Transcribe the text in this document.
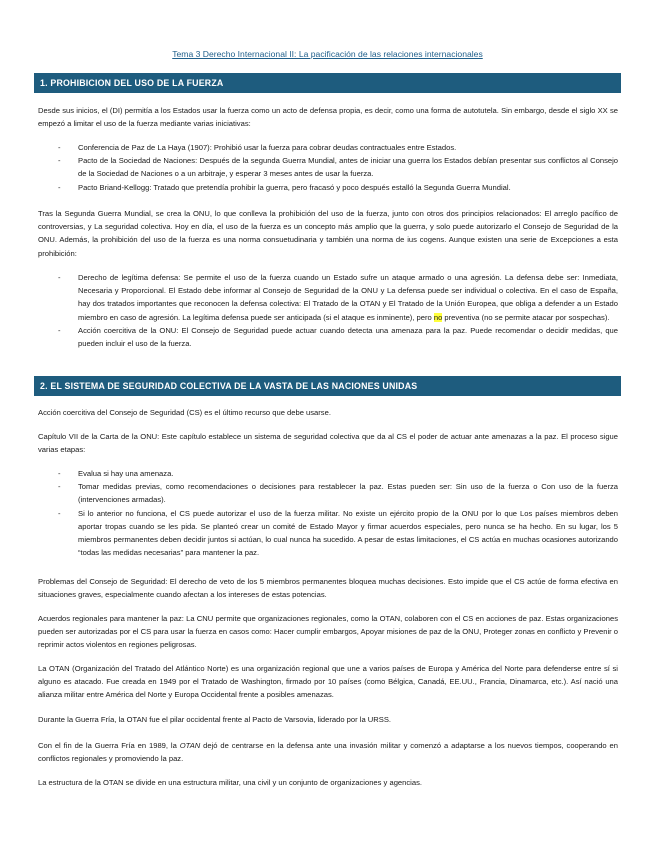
Tema 3 Derecho Internacional II: La pacificación de las relaciones internacionales
1. PROHIBICION DEL USO DE LA FUERZA

Desde sus inicios, el (DI) permitía a los Estados usar la fuerza como un acto de defensa propia, es decir, como una forma de autotutela. Sin embargo, desde el siglo XX se empezó a limitar el uso de la fuerza mediante varias iniciativas:

- Conferencia de Paz de La Haya (1907): Prohibió usar la fuerza para cobrar deudas contractuales entre Estados.
- Pacto de la Sociedad de Naciones: Después de la segunda Guerra Mundial, antes de iniciar una guerra los Estados debían presentar sus conflictos al Consejo de la Sociedad de Naciones o a un arbitraje, y esperar 3 meses antes de usar la fuerza.
- Pacto Briand-Kellogg: Tratado que pretendía prohibir la guerra, pero fracasó y poco después estalló la Segunda Guerra Mundial.

Tras la Segunda Guerra Mundial, se crea la ONU, lo que conlleva la prohibición del uso de la fuerza, junto con otros dos principios relacionados: El arreglo pacífico de controversias, y La seguridad colectiva. Hoy en día, el uso de la fuerza es un concepto más amplio que la guerra, y solo puede autorizarlo el Consejo de Seguridad de la ONU. Además, la prohibición del uso de la fuerza es una norma consuetudinaria y también una norma de ius cogens. Aunque existen una serie de Excepciones a esta prohibición:

- Derecho de legítima defensa: Se permite el uso de la fuerza cuando un Estado sufre un ataque armado o una agresión. La defensa debe ser: Inmediata, Necesaria y Proporcional. El Estado debe informar al Consejo de Seguridad de la ONU y La defensa puede ser individual o colectiva. En el caso de España, hay dos tratados importantes que reconocen la defensa colectiva: El Tratado de la OTAN y El Tratado de la Unión Europea, que obliga a defender a un Estado miembro en caso de agresión. La legítima defensa puede ser anticipada (si el ataque es inminente), pero no preventiva (no se permite atacar por sospechas).
- Acción coercitiva de la ONU: El Consejo de Seguridad puede actuar cuando detecta una amenaza para la paz. Puede recomendar o decidir medidas, que pueden incluir el uso de la fuerza.
2. EL SISTEMA DE SEGURIDAD COLECTIVA DE LA VASTA DE LAS NACIONES UNIDAS

Acción coercitiva del Consejo de Seguridad (CS) es el último recurso que debe usarse.

Capítulo VII de la Carta de la ONU: Este capítulo establece un sistema de seguridad colectiva que da al CS el poder de actuar ante amenazas a la paz. El proceso sigue varias etapas:

- Evalua si hay una amenaza.
- Tomar medidas previas, como recomendaciones o decisiones para restablecer la paz. Estas pueden ser: Sin uso de la fuerza o Con uso de la fuerza (intervenciones armadas).
- Si lo anterior no funciona, el CS puede autorizar el uso de la fuerza militar. No existe un ejército propio de la ONU por lo que Los países miembros deben aportar tropas cuando se les pida. Se planteó crear un comité de Estado Mayor y firmar acuerdos especiales, pero nunca se ha hecho. En su lugar, los 5 miembros permanentes deben decidir juntos si actúan, lo cual nunca ha sucedido. A pesar de estas limitaciones, el CS actúa en muchas ocasiones autorizando “todas las medidas necesarias” para mantener la paz.

Problemas del Consejo de Seguridad: El derecho de veto de los 5 miembros permanentes bloquea muchas decisiones. Esto impide que el CS actúe de forma efectiva en situaciones graves, especialmente cuando afectan a los intereses de estas potencias.

Acuerdos regionales para mantener la paz: La CNU permite que organizaciones regionales, como la OTAN, colaboren con el CS en acciones de paz. Estas organizaciones pueden ser autorizadas por el CS para usar la fuerza en casos como: Hacer cumplir embargos, Apoyar misiones de paz de la ONU, Proteger zonas en conflicto y Prevenir o reprimir actos violentos en regiones peligrosas.

La OTAN (Organización del Tratado del Atlántico Norte) es una organización regional que une a varios países de Europa y América del Norte para defenderse entre sí si alguno es atacado. Fue creada en 1949 por el Tratado de Washington, firmado por 10 países (como Bélgica, Canadá, EE.UU., Francia, Dinamarca, etc.). Así nació una alianza militar entre América del Norte y Europa Occidental frente a posibles amenazas.

Durante la Guerra Fría, la OTAN fue el pilar occidental frente al Pacto de Varsovia, liderado por la URSS.

Con el fin de la Guerra Fría en 1989, la OTAN dejó de centrarse en la defensa ante una invasión militar y comenzó a adaptarse a los nuevos tiempos, cooperando en conflictos regionales y promoviendo la paz.

La estructura de la OTAN se divide en una estructura militar, una civil y un conjunto de organizaciones y agencias.
